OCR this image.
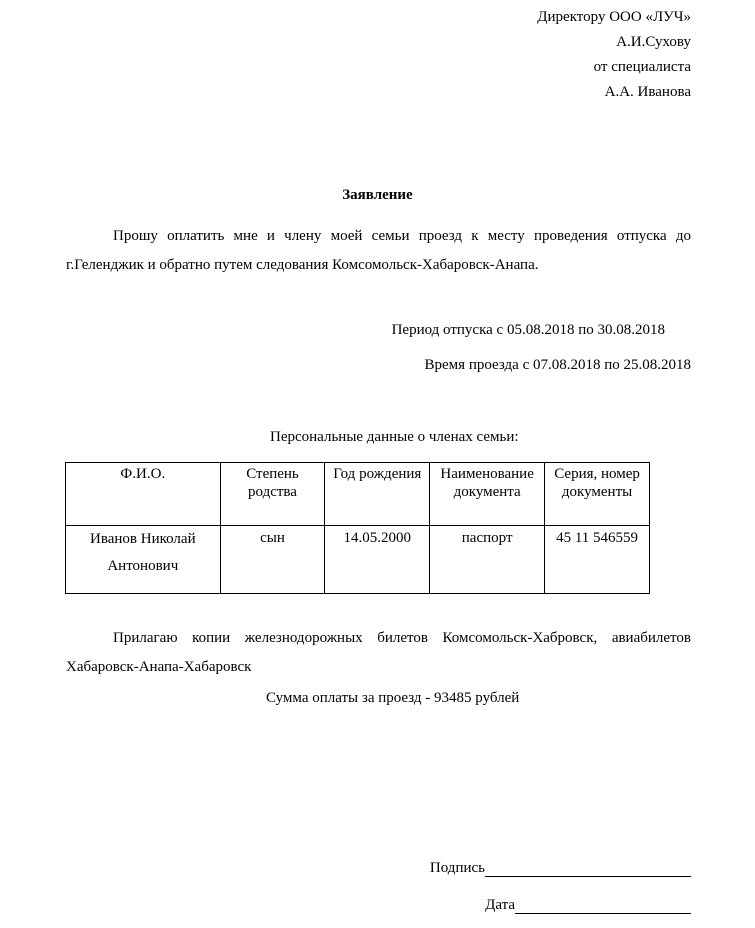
Директору ООО «ЛУЧ»
А.И.Сухову
от специалиста
А.А. Иванова
Заявление
Прошу оплатить мне и члену моей семьи проезд к месту проведения отпуска до г.Геленджик и обратно путем следования Комсомольск-Хабаровск-Анапа.
Период отпуска с 05.08.2018 по 30.08.2018
Время проезда с 07.08.2018 по 25.08.2018
Персональные данные о членах семьи:
Ф.И.О.	Степень родства	Год рождения	Наименование документа	Серия, номер документы
Иванов Николай Антонович	сын	14.05.2000	паспорт	45 11 546559
Прилагаю копии железнодорожных билетов Комсомольск-Хабровск, авиабилетов Хабаровск-Анапа-Хабаровск
Сумма оплаты за проезд - 93485 рублей
Подпись
Дата
